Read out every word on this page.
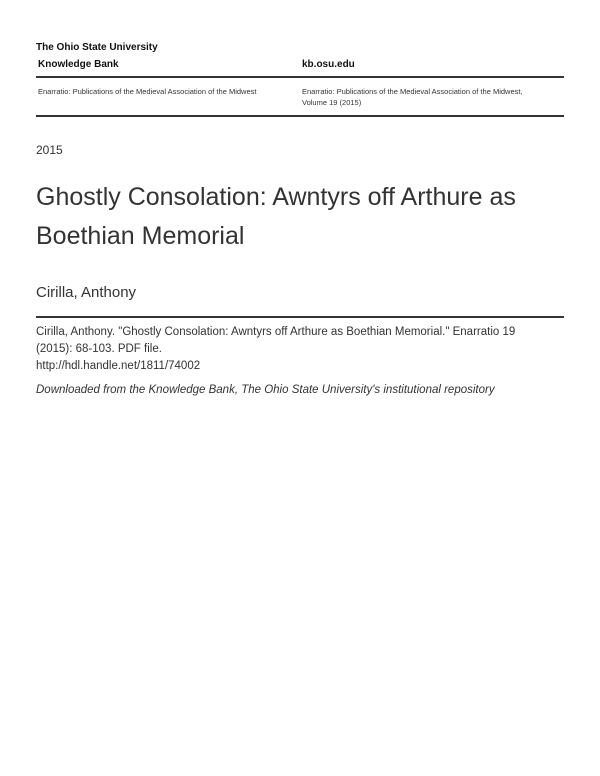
The Ohio State University
Knowledge Bank	kb.osu.edu
Enarratio: Publications of the Medieval Association of the Midwest	Enarratio: Publications of the Medieval Association of the Midwest,
Volume 19 (2015)
2015
Ghostly Consolation: Awntyrs off Arthure as
Boethian Memorial
Cirilla, Anthony
Cirilla, Anthony. "Ghostly Consolation: Awntyrs off Arthure as Boethian Memorial." Enarratio 19
(2015): 68-103. PDF file.
http://hdl.handle.net/1811/74002
Downloaded from the Knowledge Bank, The Ohio State University's institutional repository
